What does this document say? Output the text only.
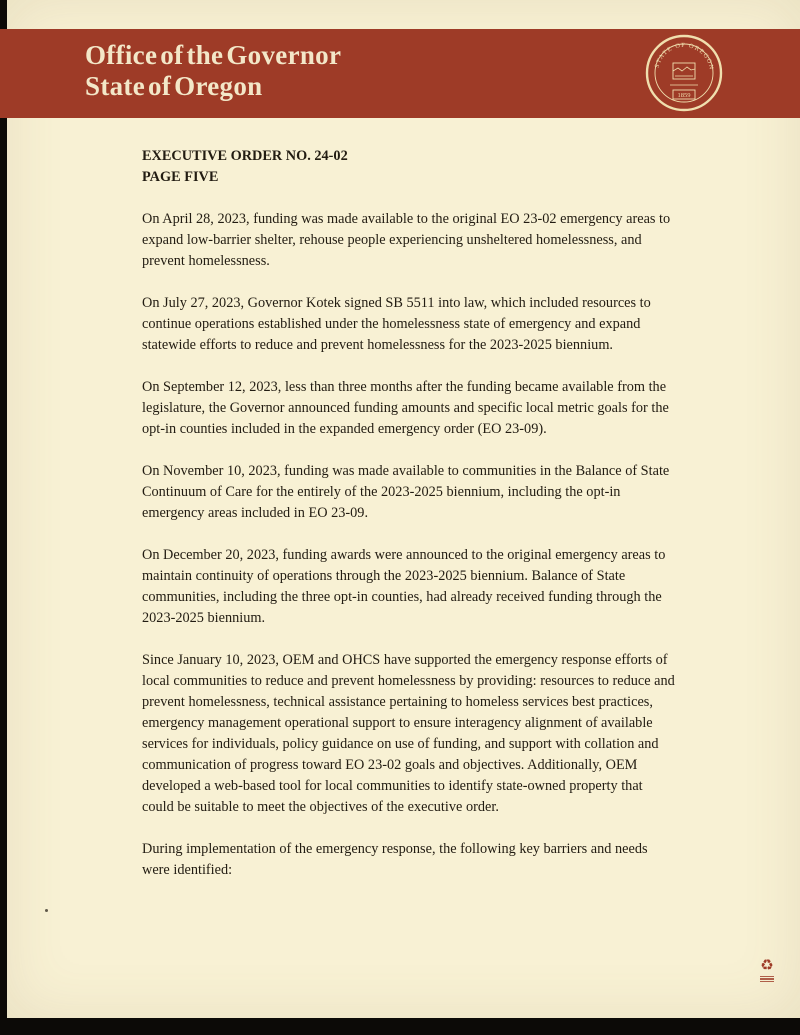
EXECUTIVE ORDER NO. 24-02
PAGE FIVE

On April 28, 2023, funding was made available to the original EO 23-02 emergency areas to expand low-barrier shelter, rehouse people experiencing unsheltered homelessness, and prevent homelessness.

On July 27, 2023, Governor Kotek signed SB 5511 into law, which included resources to continue operations established under the homelessness state of emergency and expand statewide efforts to reduce and prevent homelessness for the 2023-2025 biennium.

On September 12, 2023, less than three months after the funding became available from the legislature, the Governor announced funding amounts and specific local metric goals for the opt-in counties included in the expanded emergency order (EO 23-09).

On November 10, 2023, funding was made available to communities in the Balance of State Continuum of Care for the entirely of the 2023-2025 biennium, including the opt-in emergency areas included in EO 23-09.

On December 20, 2023, funding awards were announced to the original emergency areas to maintain continuity of operations through the 2023-2025 biennium. Balance of State communities, including the three opt-in counties, had already received funding through the 2023-2025 biennium.

Since January 10, 2023, OEM and OHCS have supported the emergency response efforts of local communities to reduce and prevent homelessness by providing: resources to reduce and prevent homelessness, technical assistance pertaining to homeless services best practices, emergency management operational support to ensure interagency alignment of available services for individuals, policy guidance on use of funding, and support with collation and communication of progress toward EO 23-02 goals and objectives. Additionally, OEM developed a web-based tool for local communities to identify state-owned property that could be suitable to meet the objectives of the executive order.

During implementation of the emergency response, the following key barriers and needs were identified:

♻
Office of the Governor
State of Oregon
STATE OF OREGON
1859
